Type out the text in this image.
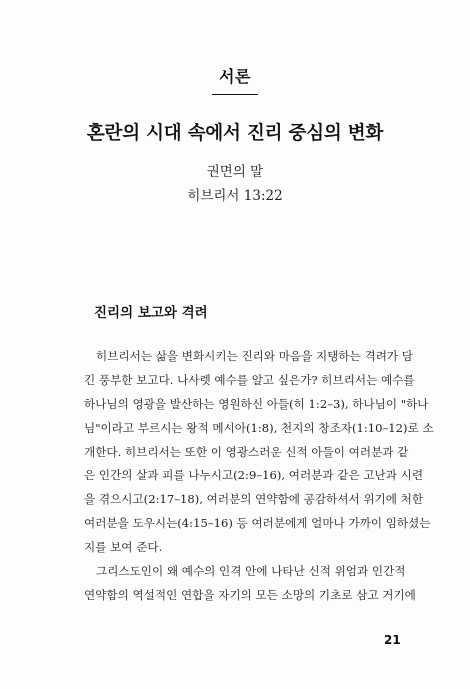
서론
혼란의 시대 속에서 진리 중심의 변화
권면의 말
히브리서 13:22
진리의 보고와 격려
히브리서는 삶을 변화시키는 진리와 마음을 지탱하는 격려가 담
긴 풍부한 보고다. 나사렛 예수를 알고 싶은가? 히브리서는 예수를
하나님의 영광을 발산하는 영원하신 아들(히 1:2–3), 하나님이 "하나
님"이라고 부르시는 왕적 메시아(1:8), 천지의 창조자(1:10–12)로 소
개한다. 히브리서는 또한 이 영광스러운 신적 아들이 여러분과 같
은 인간의 살과 피를 나누시고(2:9–16), 여러분과 같은 고난과 시련
을 겪으시고(2:17–18), 여러분의 연약함에 공감하셔서 위기에 처한
여러분을 도우시는(4:15–16) 등 여러분에게 얼마나 가까이 임하셨는
지를 보여 준다.
그리스도인이 왜 예수의 인격 안에 나타난 신적 위엄과 인간적
연약함의 역설적인 연합을 자기의 모든 소망의 기초로 삼고 거기에
21
